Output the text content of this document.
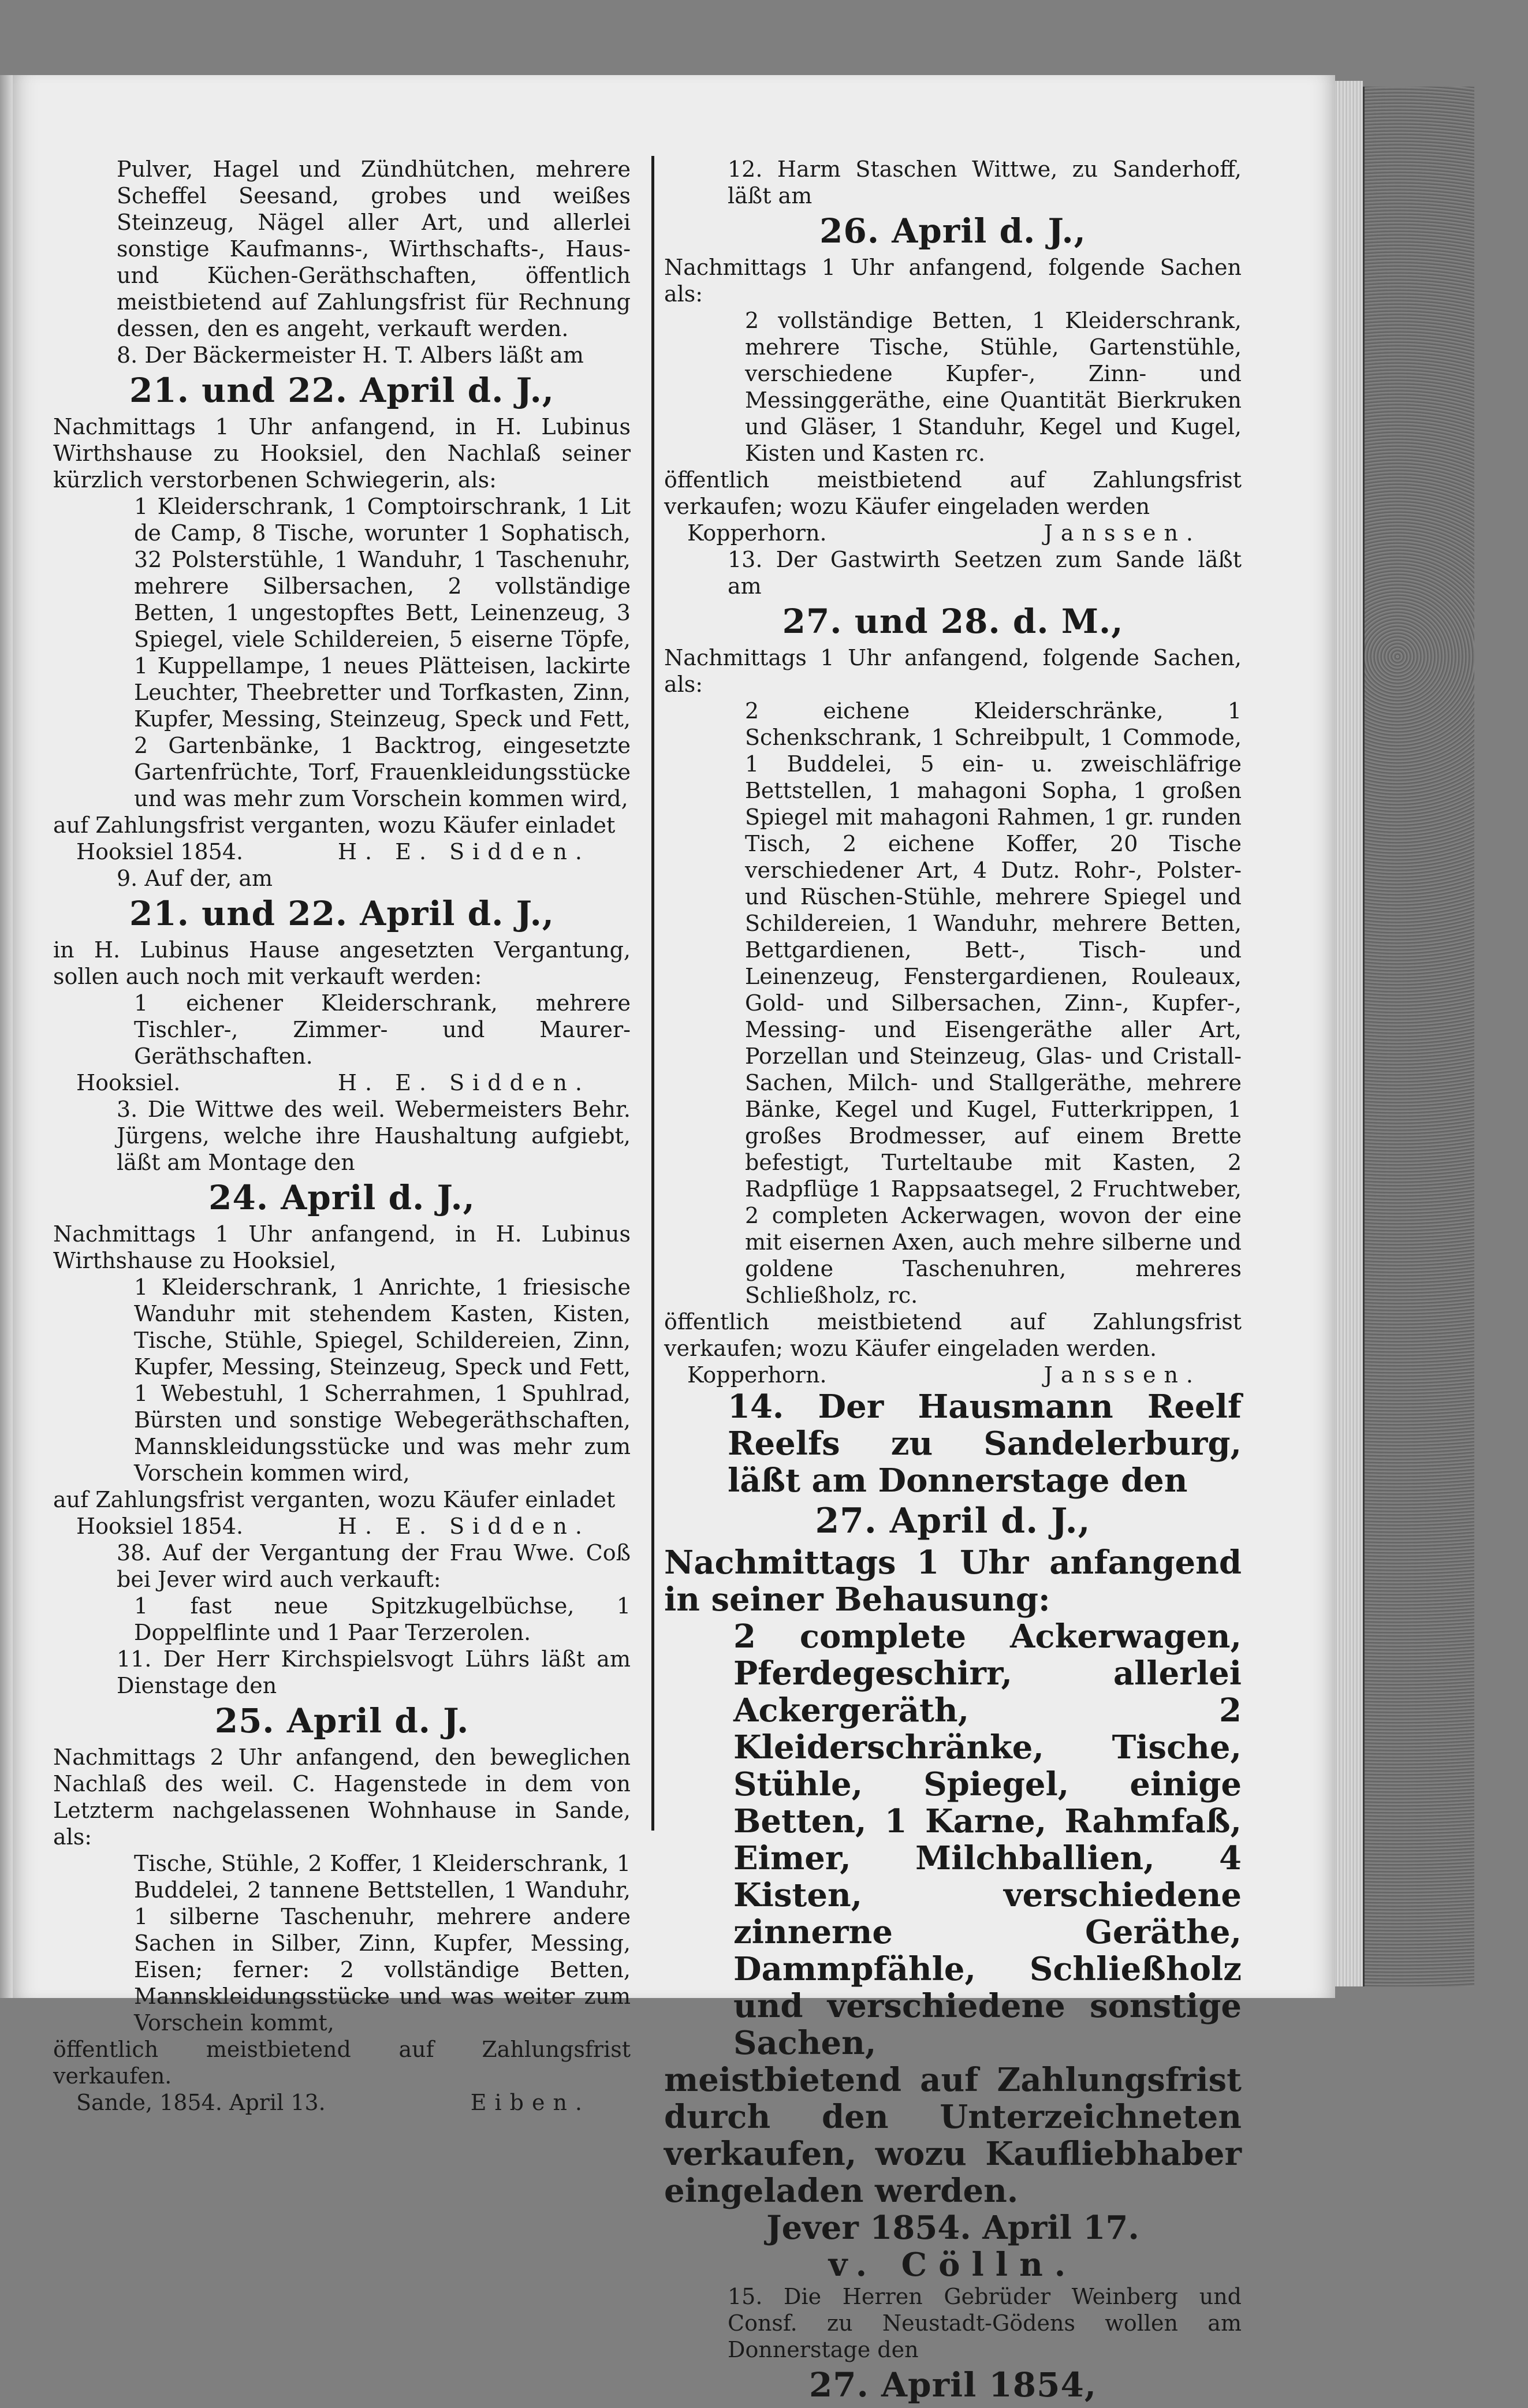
Pulver, Hagel und Zündhütchen, mehrere Scheffel Seesand, grobes und weißes Steinzeug, Nägel aller Art, und allerlei sonstige Kaufmanns-, Wirthschafts-, Haus- und Küchen-Geräthschaften, öffentlich meistbietend auf Zahlungsfrist für Rechnung dessen, den es angeht, verkauft werden.

8. Der Bäckermeister H. T. Albers läßt am

21. und 22. April d. J.,

Nachmittags 1 Uhr anfangend, in H. Lubinus Wirthshause zu Hooksiel, den Nachlaß seiner kürzlich verstorbenen Schwiegerin, als:

1 Kleiderschrank, 1 Comptoirschrank, 1 Lit de Camp, 8 Tische, worunter 1 Sophatisch, 32 Polsterstühle, 1 Wanduhr, 1 Taschenuhr, mehrere Silbersachen, 2 vollständige Betten, 1 ungestopftes Bett, Leinenzeug, 3 Spiegel, viele Schildereien, 5 eiserne Töpfe, 1 Kuppellampe, 1 neues Plätteisen, lackirte Leuchter, Theebretter und Torfkasten, Zinn, Kupfer, Messing, Steinzeug, Speck und Fett, 2 Gartenbänke, 1 Backtrog, eingesetzte Gartenfrüchte, Torf, Frauenkleidungsstücke und was mehr zum Vorschein kommen wird,

auf Zahlungsfrist verganten, wozu Käufer einladet

Hooksiel 1854.	H. E. Sidden.

9. Auf der, am

21. und 22. April d. J.,

in H. Lubinus Hause angesetzten Vergantung, sollen auch noch mit verkauft werden:

1 eichener Kleiderschrank, mehrere Tischler-, Zimmer- und Maurer-Geräthschaften.

Hooksiel.	H. E. Sidden.

3. Die Wittwe des weil. Webermeisters Behr. Jürgens, welche ihre Haushaltung aufgiebt, läßt am Montage den

24. April d. J.,

Nachmittags 1 Uhr anfangend, in H. Lubinus Wirthshause zu Hooksiel,

1 Kleiderschrank, 1 Anrichte, 1 friesische Wanduhr mit stehendem Kasten, Kisten, Tische, Stühle, Spiegel, Schildereien, Zinn, Kupfer, Messing, Steinzeug, Speck und Fett, 1 Webestuhl, 1 Scherrahmen, 1 Spuhlrad, Bürsten und sonstige Webegeräthschaften, Mannskleidungsstücke und was mehr zum Vorschein kommen wird,

auf Zahlungsfrist verganten, wozu Käufer einladet

Hooksiel 1854.	H. E. Sidden.

38. Auf der Vergantung der Frau Wwe. Coß bei Jever wird auch verkauft:

1 fast neue Spitzkugelbüchse, 1 Doppelflinte und 1 Paar Terzerolen.

11. Der Herr Kirchspielsvogt Lührs läßt am Dienstage den

25. April d. J.

Nachmittags 2 Uhr anfangend, den beweglichen Nachlaß des weil. C. Hagenstede in dem von Letzterm nachgelassenen Wohnhause in Sande, als:

Tische, Stühle, 2 Koffer, 1 Kleiderschrank, 1 Buddelei, 2 tannene Bettstellen, 1 Wanduhr, 1 silberne Taschenuhr, mehrere andere Sachen in Silber, Zinn, Kupfer, Messing, Eisen; ferner: 2 vollständige Betten, Mannskleidungsstücke und was weiter zum Vorschein kommt,

öffentlich meistbietend auf Zahlungsfrist verkaufen.

Sande, 1854. April 13.	Eiben.

12. Harm Staschen Wittwe, zu Sanderhoff, läßt am

26. April d. J.,

Nachmittags 1 Uhr anfangend, folgende Sachen als:

2 vollständige Betten, 1 Kleiderschrank, mehrere Tische, Stühle, Gartenstühle, verschiedene Kupfer-, Zinn- und Messinggeräthe, eine Quantität Bierkruken und Gläser, 1 Standuhr, Kegel und Kugel, Kisten und Kasten rc.

öffentlich meistbietend auf Zahlungsfrist verkaufen; wozu Käufer eingeladen werden

Kopperhorn.	Janssen.

13. Der Gastwirth Seetzen zum Sande läßt am

27. und 28. d. M.,

Nachmittags 1 Uhr anfangend, folgende Sachen, als:

2 eichene Kleiderschränke, 1 Schenkschrank, 1 Schreibpult, 1 Commode, 1 Buddelei, 5 ein- u. zweischläfrige Bettstellen, 1 mahagoni Sopha, 1 großen Spiegel mit mahagoni Rahmen, 1 gr. runden Tisch, 2 eichene Koffer, 20 Tische verschiedener Art, 4 Dutz. Rohr-, Polster- und Rüschen-Stühle, mehrere Spiegel und Schildereien, 1 Wanduhr, mehrere Betten, Bettgardienen, Bett-, Tisch- und Leinenzeug, Fenstergardienen, Rouleaux, Gold- und Silbersachen, Zinn-, Kupfer-, Messing- und Eisengeräthe aller Art, Porzellan und Steinzeug, Glas- und Cristall-Sachen, Milch- und Stallgeräthe, mehrere Bänke, Kegel und Kugel, Futterkrippen, 1 großes Brodmesser, auf einem Brette befestigt, Turteltaube mit Kasten, 2 Radpflüge 1 Rappsaatsegel, 2 Fruchtweber, 2 completen Ackerwagen, wovon der eine mit eisernen Axen, auch mehre silberne und goldene Taschenuhren, mehreres Schließholz, rc.

öffentlich meistbietend auf Zahlungsfrist verkaufen; wozu Käufer eingeladen werden.

Kopperhorn.	Janssen.

14. Der Hausmann Reelf Reelfs zu Sandelerburg, läßt am Donnerstage den

27. April d. J.,

Nachmittags 1 Uhr anfangend in seiner Behausung:

2 complete Ackerwagen, Pferdegeschirr, allerlei Ackergeräth, 2 Kleiderschränke, Tische, Stühle, Spiegel, einige Betten, 1 Karne, Rahmfaß, Eimer, Milchballien, 4 Kisten, verschiedene zinnerne Geräthe, Dammpfähle, Schließholz und verschiedene sonstige Sachen,

meistbietend auf Zahlungsfrist durch den Unterzeichneten verkaufen, wozu Kaufliebhaber eingeladen werden.

Jever 1854. April 17.

v. Cölln.

15. Die Herren Gebrüder Weinberg und Consf. zu Neustadt-Gödens wollen am Donnerstage den

27. April 1854,
